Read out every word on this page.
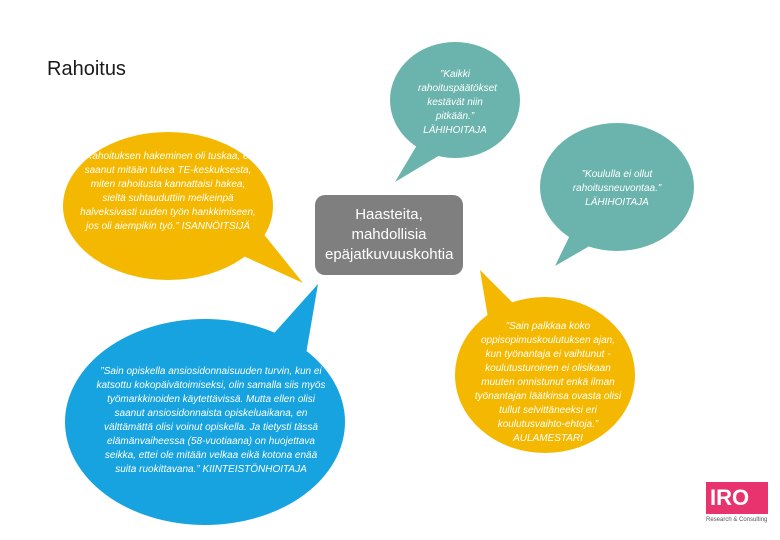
Rahoitus	”Kaikki rahoituspäätökset kestävät niin pitkään.” LÄHIHOITAJA
”Rahoituksen hakeminen oli tuskaa, en saanut mitään tukea TE-keskuksesta, miten rahoitusta kannattaisi hakea, sieltä suhtauduttiin melkeinpä halveksivasti uuden työn hankkimiseen, jos oli aiempikin työ.” ISANNÖITSIJÄ
”Koululla ei ollut rahoitusneuvontaa.” LÄHIHOITAJA
”Sain opiskella ansiosidonnaisuuden turvin, kun ei katsottu kokopäivätoimiseksi, olin samalla siis myös työmarkkinoiden käytettävissä. Mutta ellen olisi saanut ansiosidonnaista opiskeluaikana, en välttämättä olisi voinut opiskella. Ja tietysti tässä elämänvaiheessa (58-vuotiaana) on huojettava seikka, ettei ole mitään velkaa eikä kotona enää suita ruokittavana.” KIINTEISTÖNHOITAJA
”Sain palkkaa koko oppisopimuskoulutuksen ajan, kun työnantaja ei vaihtunut - koulutusturoinen ei olisikaan muuten onnistunut enkä ilman työnantajan läätkinsa ovasta olisi tullut selvittäneeksi eri koulutusvaihto-ehtoja.” AULAMESTARI
Haasteita, mahdollisia epäjatkuvuuskohtia
IRO
Research & Consulting
